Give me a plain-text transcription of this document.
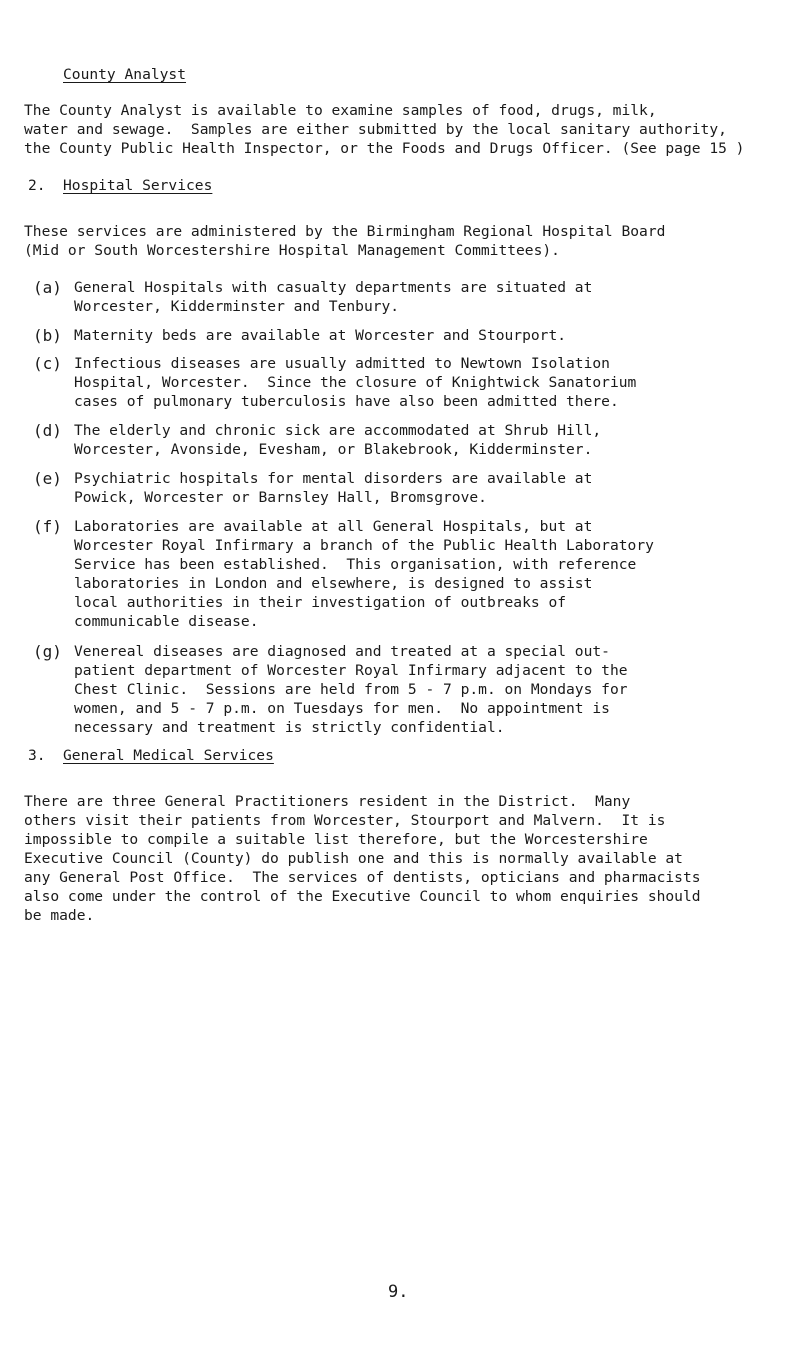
County Analyst

The County Analyst is available to examine samples of food, drugs, milk,
water and sewage.  Samples are either submitted by the local sanitary authority,
the County Public Health Inspector, or the Foods and Drugs Officer. (See page 15 )

2. Hospital Services

These services are administered by the Birmingham Regional Hospital Board
(Mid or South Worcestershire Hospital Management Committees).

(a) General Hospitals with casualty departments are situated at
Worcester, Kidderminster and Tenbury.

(b) Maternity beds are available at Worcester and Stourport.

(c) Infectious diseases are usually admitted to Newtown Isolation
Hospital, Worcester.  Since the closure of Knightwick Sanatorium
cases of pulmonary tuberculosis have also been admitted there.

(d) The elderly and chronic sick are accommodated at Shrub Hill,
Worcester, Avonside, Evesham, or Blakebrook, Kidderminster.

(e) Psychiatric hospitals for mental disorders are available at
Powick, Worcester or Barnsley Hall, Bromsgrove.

(f) Laboratories are available at all General Hospitals, but at
Worcester Royal Infirmary a branch of the Public Health Laboratory
Service has been established.  This organisation, with reference
laboratories in London and elsewhere, is designed to assist
local authorities in their investigation of outbreaks of
communicable disease.

(g) Venereal diseases are diagnosed and treated at a special out-
patient department of Worcester Royal Infirmary adjacent to the
Chest Clinic.  Sessions are held from 5 - 7 p.m. on Mondays for
women, and 5 - 7 p.m. on Tuesdays for men.  No appointment is
necessary and treatment is strictly confidential.

3. General Medical Services

There are three General Practitioners resident in the District.  Many
others visit their patients from Worcester, Stourport and Malvern.  It is
impossible to compile a suitable list therefore, but the Worcestershire
Executive Council (County) do publish one and this is normally available at
any General Post Office.  The services of dentists, opticians and pharmacists
also come under the control of the Executive Council to whom enquiries should
be made.

9.
